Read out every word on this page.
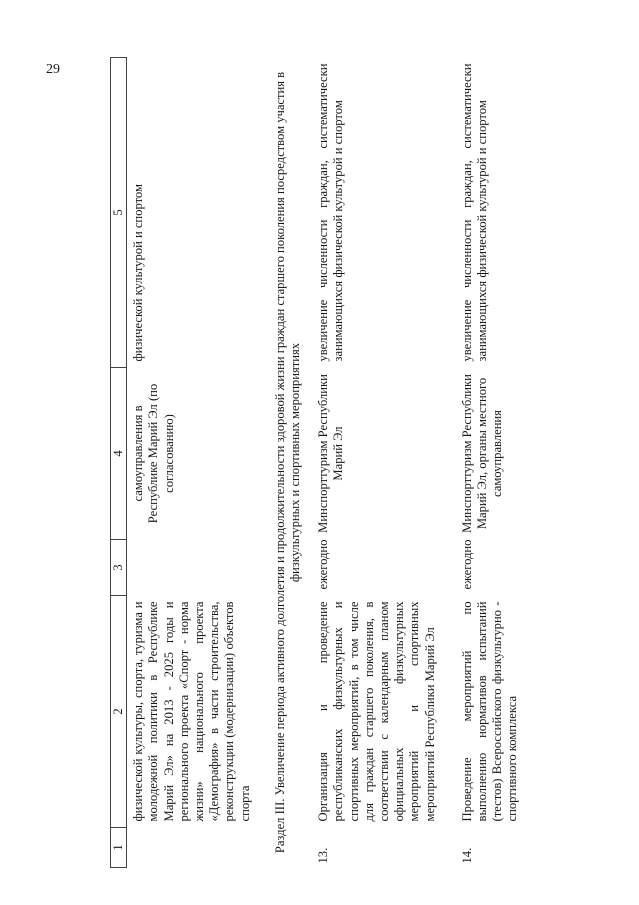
29
1	2	3	4	5
	физической культуры, спорта, туризма и молодежной политики в Республике Марий Эл» на 2013 - 2025 годы и регионального проекта «Спорт - норма жизни» национального проекта «Демография» в части строительства, реконструкции (модернизации) объектов спорта		самоуправления в Республике Марий Эл (по согласованию)	физической культурой и спортом
Раздел III. Увеличение периода активного долголетия и продолжительности здоровой жизни граждан старшего поколения посредством участия в физкультурных и спортивных мероприятиях				
13.	Организация и проведение республиканских физкультурных и спортивных мероприятий, в том числе для граждан старшего поколения, в соответствии с календарным планом официальных физкультурных мероприятий и спортивных мероприятий Республики Марий Эл	ежегодно	Минспорттуризм Республики Марий Эл	увеличение численности граждан, систематически занимающихся физической культурой и спортом

14.	Проведение мероприятий по выполнению нормативов испытаний (тестов) Всероссийского физкультурно - спортивного комплекса	ежегодно	Минспорттуризм Республики Марий Эл, органы местного самоуправления	увеличение численности граждан, систематически занимающихся физической культурой и спортом
